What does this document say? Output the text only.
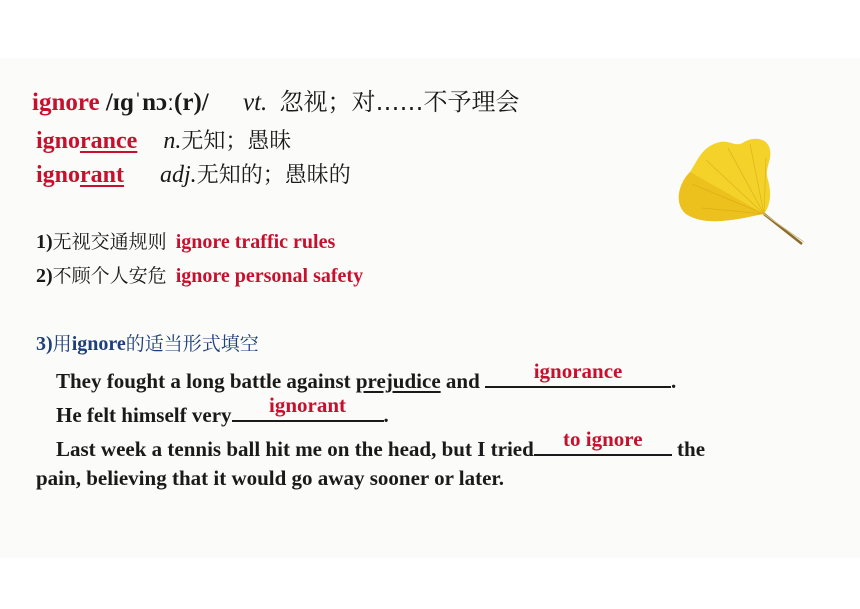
ignore /ɪɡˈnɔː(r)/ vt. 忽视；对……不予理会
ignorance n.无知；愚昧
ignorant adj.无知的；愚昧的
1)无视交通规则 ignore traffic rules
2)不顾个人安危 ignore personal safety
3)用ignore的适当形式填空
They fought a long battle against prejudice and	ignorance	.
He felt himself very	ignorant	.
Last week a tennis ball hit me on the head, but I tried	to ignore	the
pain, believing that it would go away sooner or later.
